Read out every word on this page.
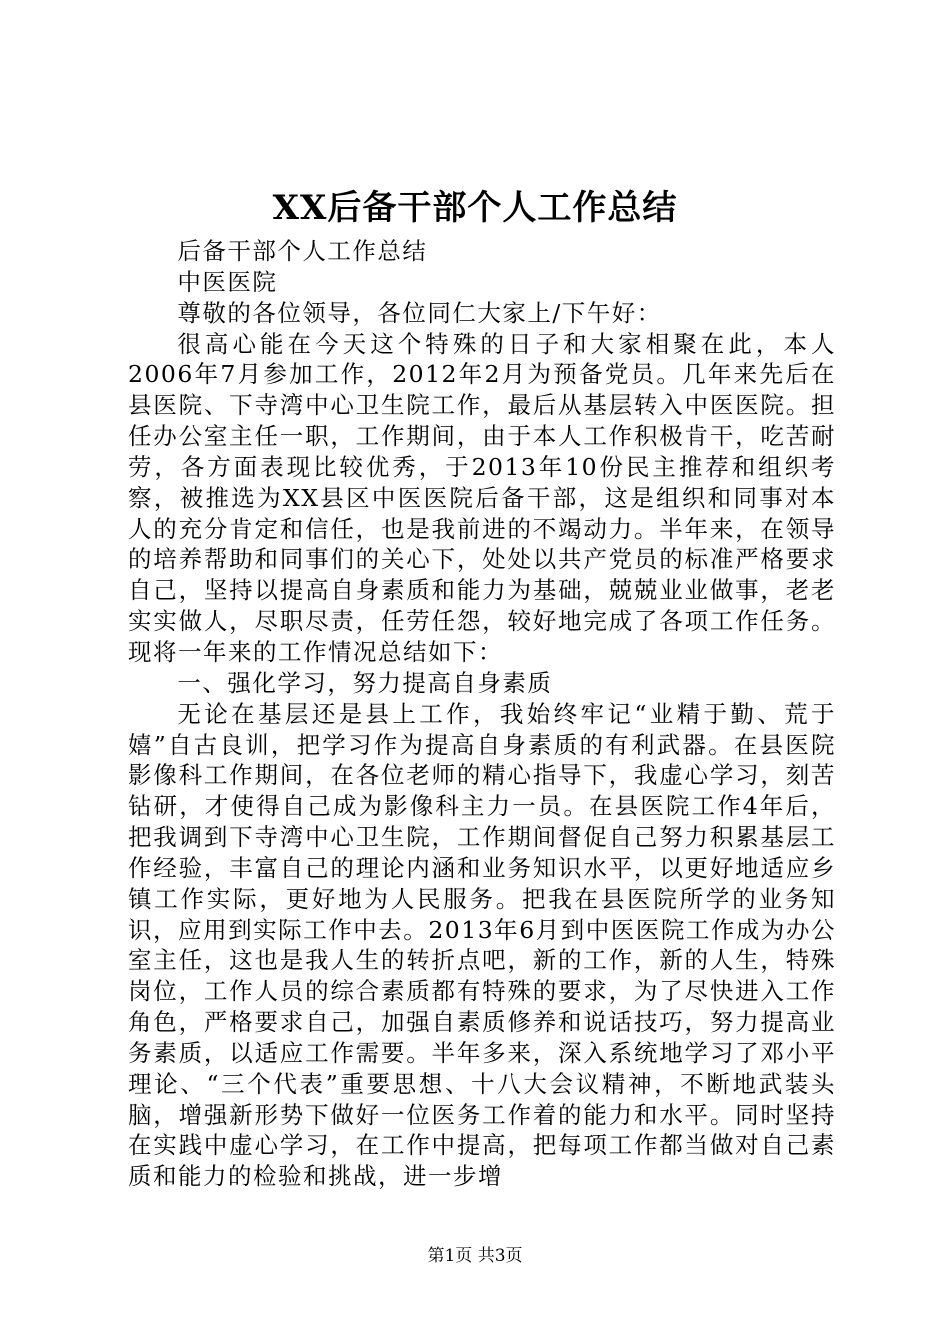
XX后备干部个人工作总结

后备干部个人工作总结

中医医院

尊敬的各位领导，各位同仁大家上/下午好：

很高心能在今天这个特殊的日子和大家相聚在此，本人2006年7月参加工作，2012年2月为预备党员。几年来先后在县医院、下寺湾中心卫生院工作，最后从基层转入中医医院。担任办公室主任一职，工作期间，由于本人工作积极肯干，吃苦耐劳，各方面表现比较优秀，于2013年10份民主推荐和组织考察，被推选为XX县区中医医院后备干部，这是组织和同事对本人的充分肯定和信任，也是我前进的不竭动力。半年来，在领导的培养帮助和同事们的关心下，处处以共产党员的标准严格要求自己，坚持以提高自身素质和能力为基础，兢兢业业做事，老老实实做人，尽职尽责，任劳任怨，较好地完成了各项工作任务。现将一年来的工作情况总结如下：

一、强化学习，努力提高自身素质

无论在基层还是县上工作，我始终牢记“业精于勤、荒于嬉”自古良训，把学习作为提高自身素质的有利武器。在县医院影像科工作期间，在各位老师的精心指导下，我虚心学习，刻苦钻研，才使得自己成为影像科主力一员。在县医院工作4年后，把我调到下寺湾中心卫生院，工作期间督促自己努力积累基层工作经验，丰富自己的理论内涵和业务知识水平，以更好地适应乡镇工作实际，更好地为人民服务。把我在县医院所学的业务知识，应用到实际工作中去。2013年6月到中医医院工作成为办公室主任，这也是我人生的转折点吧，新的工作，新的人生，特殊岗位，工作人员的综合素质都有特殊的要求，为了尽快进入工作角色，严格要求自己，加强自素质修养和说话技巧，努力提高业务素质，以适应工作需要。半年多来，深入系统地学习了邓小平理论、“三个代表”重要思想、十八大会议精神，不断地武装头脑，增强新形势下做好一位医务工作着的能力和水平。同时坚持在实践中虚心学习，在工作中提高，把每项工作都当做对自己素质和能力的检验和挑战，进一步增

第1页 共3页
